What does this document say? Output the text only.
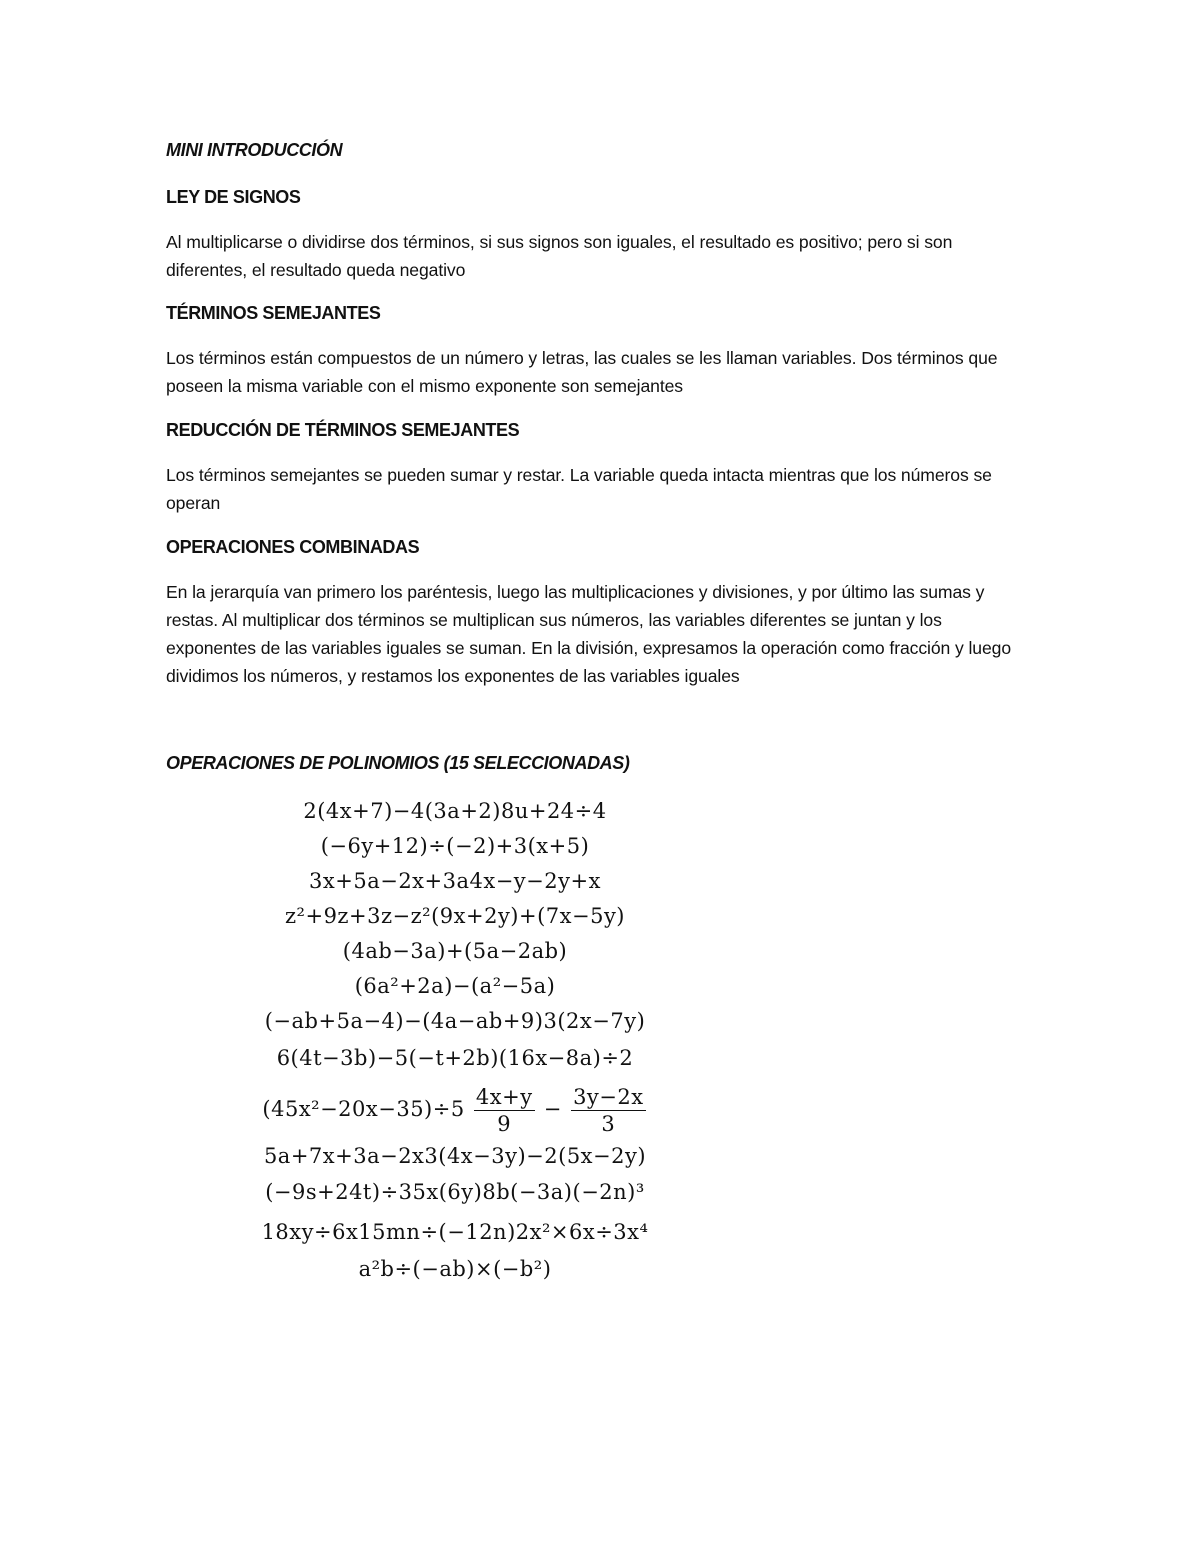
MINI INTRODUCCIÓN
LEY DE SIGNOS
Al multiplicarse o dividirse dos términos, si sus signos son iguales, el resultado es positivo; pero si son diferentes, el resultado queda negativo
TÉRMINOS SEMEJANTES
Los términos están compuestos de un número y letras, las cuales se les llaman variables. Dos términos que poseen la misma variable con el mismo exponente son semejantes
REDUCCIÓN DE TÉRMINOS SEMEJANTES
Los términos semejantes se pueden sumar y restar. La variable queda intacta mientras que los números se operan
OPERACIONES COMBINADAS
En la jerarquía van primero los paréntesis, luego las multiplicaciones y divisiones, y por último las sumas y restas. Al multiplicar dos términos se multiplican sus números, las variables diferentes se juntan y los exponentes de las variables iguales se suman. En la división, expresamos la operación como fracción y luego dividimos los números, y restamos los exponentes de las variables iguales
OPERACIONES DE POLINOMIOS (15 SELECCIONADAS)
2(4x+7)−4(3a+2)8u+24÷4
(−6y+12)÷(−2)+3(x+5)
3x+5a−2x+3a4x−y−2y+x
z²+9z+3z−z²(9x+2y)+(7x−5y)
(4ab−3a)+(5a−2ab)
(6a²+2a)−(a²−5a)
(−ab+5a−4)−(4a−ab+9)3(2x−7y)
6(4t−3b)−5(−t+2b)(16x−8a)÷2
$(45x^2-20x-35)\div 5 \frac{4x+y}{9} - \frac{3y-2x}{3}$
5a+7x+3a−2x3(4x−3y)−2(5x−2y)
(−9s+24t)÷35x(6y)8b(−3a)(−2n)³
18xy÷6x15mn÷(−12n)2x²×6x÷3x⁴
a²b÷(−ab)×(−b²)
